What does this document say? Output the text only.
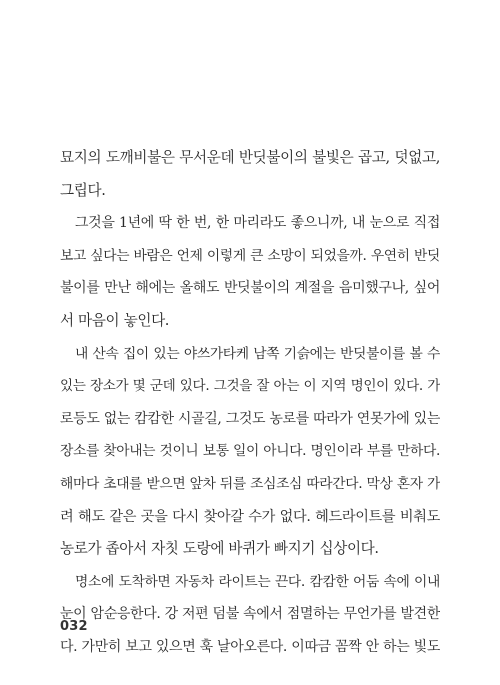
묘지의 도깨비불은 무서운데 반딧불이의 불빛은 곱고, 덧없고,
그립다.
그것을 1년에 딱 한 번, 한 마리라도 좋으니까, 내 눈으로 직접
보고 싶다는 바람은 언제 이렇게 큰 소망이 되었을까. 우연히 반딧
불이를 만난 해에는 올해도 반딧불이의 계절을 음미했구나, 싶어
서 마음이 놓인다.
내 산속 집이 있는 야쓰가타케 남쪽 기슭에는 반딧불이를 볼 수
있는 장소가 몇 군데 있다. 그것을 잘 아는 이 지역 명인이 있다. 가
로등도 없는 캄캄한 시골길, 그것도 농로를 따라가 연못가에 있는
장소를 찾아내는 것이니 보통 일이 아니다. 명인이라 부를 만하다.
해마다 초대를 받으면 앞차 뒤를 조심조심 따라간다. 막상 혼자 가
려 해도 같은 곳을 다시 찾아갈 수가 없다. 헤드라이트를 비춰도
농로가 좁아서 자칫 도랑에 바퀴가 빠지기 십상이다.
명소에 도착하면 자동차 라이트는 끈다. 캄캄한 어둠 속에 이내
눈이 암순응한다. 강 저편 덤불 속에서 점멸하는 무언가를 발견한
다. 가만히 보고 있으면 훅 날아오른다. 이따금 꼼짝 안 하는 빛도
032
